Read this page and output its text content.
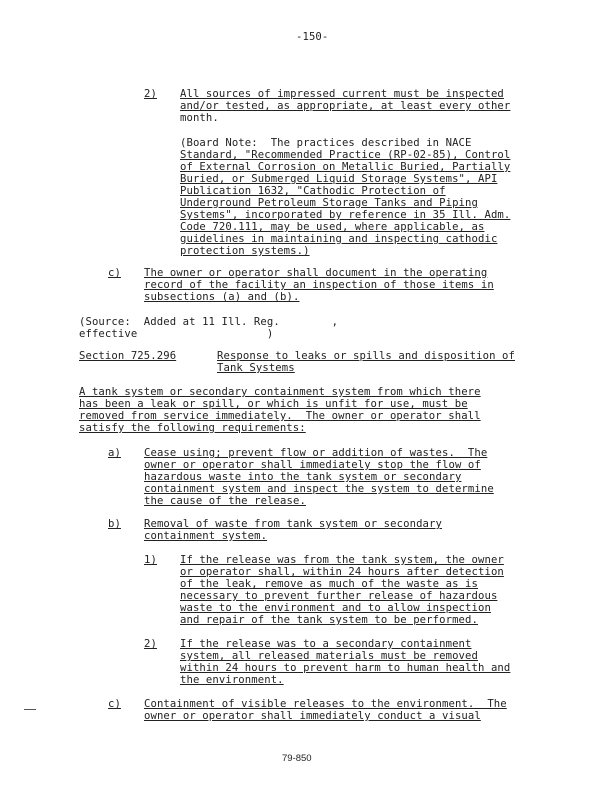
-150-
2) All sources of impressed current must be inspected
and/or tested, as appropriate, at least every other
month.
(Board Note:  The practices described in NACE
Standard, "Recommended Practice (RP-02-85), Control
of External Corrosion on Metallic Buried, Partially
Buried, or Submerged Liquid Storage Systems", API
Publication 1632, "Cathodic Protection of
Underground Petroleum Storage Tanks and Piping
Systems", incorporated by reference in 35 Ill. Adm.
Code 720.111, may be used, where applicable, as
guidelines in maintaining and inspecting cathodic
protection systems.)
c) The owner or operator shall document in the operating
record of the facility an inspection of those items in
subsections (a) and (b).
(Source:  Added at 11 Ill. Reg.        ,
effective                    )
Section 725.296	Response to leaks or spills and disposition of
Tank Systems
A tank system or secondary containment system from which there
has been a leak or spill, or which is unfit for use, must be
removed from service immediately.  The owner or operator shall
satisfy the following requirements:
a) Cease using; prevent flow or addition of wastes.  The
owner or operator shall immediately stop the flow of
hazardous waste into the tank system or secondary
containment system and inspect the system to determine
the cause of the release.
b) Removal of waste from tank system or secondary
containment system.
1) If the release was from the tank system, the owner
or operator shall, within 24 hours after detection
of the leak, remove as much of the waste as is
necessary to prevent further release of hazardous
waste to the environment and to allow inspection
and repair of the tank system to be performed.
2) If the release was to a secondary containment
system, all released materials must be removed
within 24 hours to prevent harm to human health and
the environment.
c) Containment of visible releases to the environment.  The
owner or operator shall immediately conduct a visual
79-850
